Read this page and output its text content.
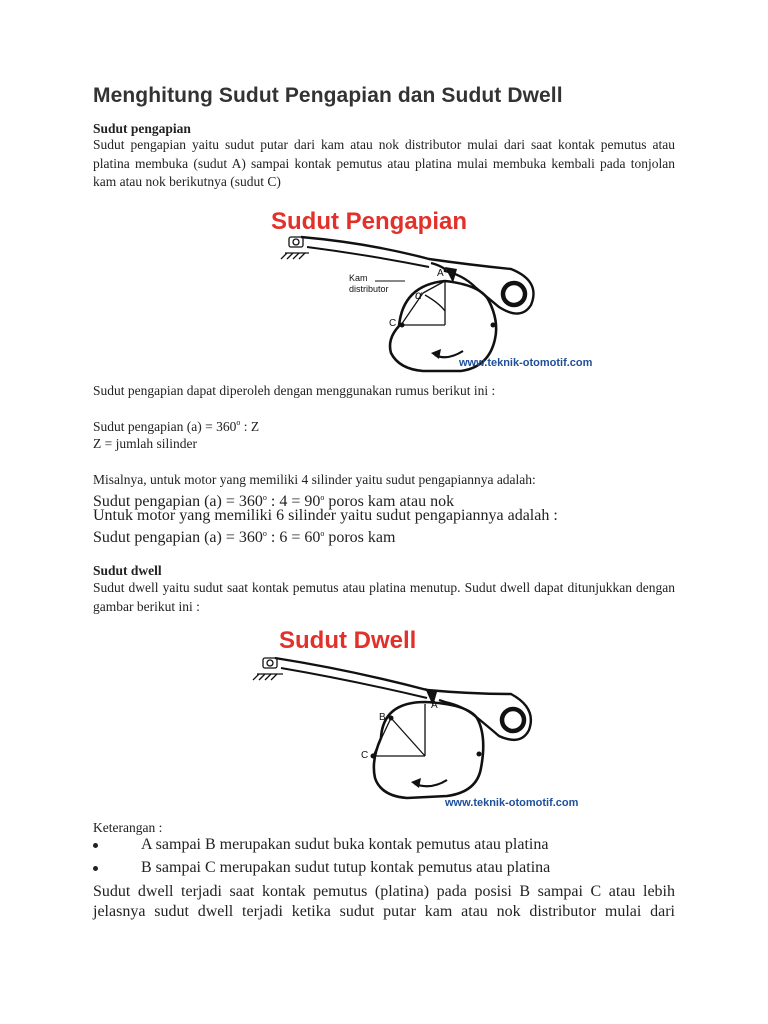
Menghitung Sudut Pengapian dan Sudut Dwell
Sudut pengapian

Sudut pengapian yaitu sudut putar dari kam atau nok distributor mulai dari saat kontak pemutus atau platina membuka (sudut A) sampai kontak pemutus atau platina mulai membuka kembali pada tonjolan kam atau nok berikutnya (sudut C)

Sudut Pengapian
Kam
distributor
A
C
α
www.teknik-otomotif.com
Sudut pengapian dapat diperoleh dengan menggunakan rumus berikut ini :
Sudut pengapian $(a) = 360^o$ : Z
Z = jumlah silinder
Misalnya, untuk motor yang memiliki 4 silinder yaitu sudut pengapiannya adalah:
Sudut pengapian $(a) = 360^o$ : $4 = 90^o$ poros kam atau nok
Untuk motor yang memiliki 6 silinder yaitu sudut pengapiannya adalah :
Sudut pengapian $(a) = 360^o$ : $6 = 60^o$ poros kam
Sudut dwell

Sudut dwell yaitu sudut saat kontak pemutus atau platina menutup. Sudut dwell dapat ditunjukkan dengan gambar berikut ini :

Sudut Dwell
A
B
C
www.teknik-otomotif.com
Keterangan :
A sampai B merupakan sudut buka kontak pemutus atau platina
B sampai C merupakan sudut tutup kontak pemutus atau platina
Sudut dwell terjadi saat kontak pemutus (platina) pada posisi B sampai C atau lebih jelasnya sudut dwell terjadi ketika sudut putar kam atau nok distributor mulai dari
